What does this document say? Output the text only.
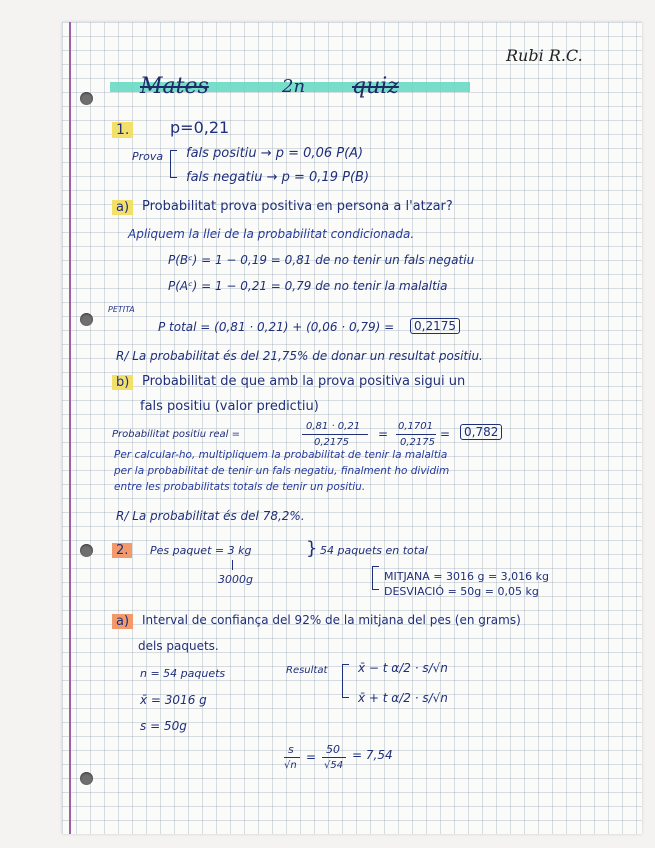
Rubi R.C.
Mates	2n quiz
1.	p=0,21
Prova fals positiu → p = 0,06 P(A)
fals negatiu → p = 0,19 P(B)
a) Probabilitat prova positiva en persona a l'atzar?
Apliquem la llei de la probabilitat condicionada.
P(Bᶜ) = 1 − 0,19 = 0,81 de no tenir un fals negatiu
P(Aᶜ) = 1 − 0,21 = 0,79 de no tenir la malaltia
PETITA
P total = (0,81 · 0,21) + (0,06 · 0,79) =	0,2175
R/ La probabilitat és del 21,75% de donar un resultat positiu.
b) Probabilitat de que amb la prova positiva sigui un
fals positiu (valor predictiu)
Probabilitat positiu real =
0,81 · 0,21
0,2175
=
0,1701
0,2175
=	0,782
Per calcular-ho, multipliquem la probabilitat de tenir la malaltia
per la probabilitat de tenir un fals negatiu, finalment ho dividim
entre les probabilitats totals de tenir un positiu.
R/ La probabilitat és del 78,2%.
2.	Pes paquet = 3 kg
3000g
} 54 paquets en total
MITJANA = 3016 g = 3,016 kg
DESVIACIÓ = 50g = 0,05 kg
a)	Interval de confiança del 92% de la mitjana del pes (en grams)
dels paquets.
n = 54 paquets
x̄ = 3016 g
s = 50g
Resultat	x̄ − t α/2 · s/√n
x̄ + t α/2 · s/√n
s
√n
=
50
√54
= 7,54
